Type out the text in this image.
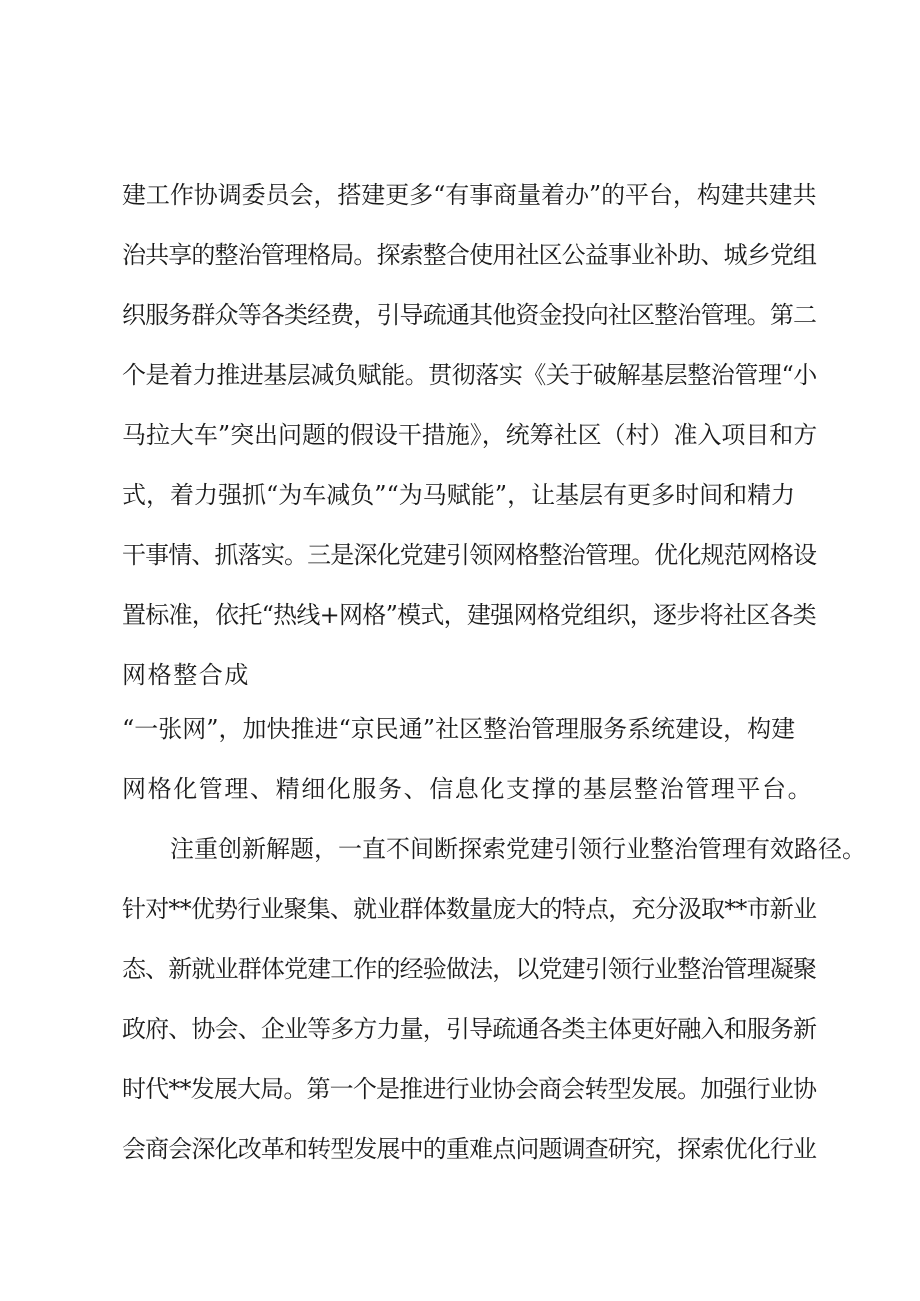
建工作协调委员会，搭建更多“有事商量着办”的平台，构建共建共
治共享的整治管理格局。探索整合使用社区公益事业补助、城乡党组
织服务群众等各类经费，引导疏通其他资金投向社区整治管理。第二
个是着力推进基层减负赋能。贯彻落实《关于破解基层整治管理“小
马拉大车”突出问题的假设干措施》，统筹社区（村）准入项目和方
式，着力强抓“为车减负”“为马赋能”，让基层有更多时间和精力
干事情、抓落实。三是深化党建引领网格整治管理。优化规范网格设
置标准，依托“热线+网格”模式，建强网格党组织，逐步将社区各类
网格整合成
“一张网”，加快推进“京民通”社区整治管理服务系统建设，构建
网格化管理、精细化服务、信息化支撑的基层整治管理平台。
注重创新解题，一直不间断探索党建引领行业整治管理有效路径。
针对**优势行业聚集、就业群体数量庞大的特点，充分汲取**市新业
态、新就业群体党建工作的经验做法，以党建引领行业整治管理凝聚
政府、协会、企业等多方力量，引导疏通各类主体更好融入和服务新
时代**发展大局。第一个是推进行业协会商会转型发展。加强行业协
会商会深化改革和转型发展中的重难点问题调查研究，探索优化行业
